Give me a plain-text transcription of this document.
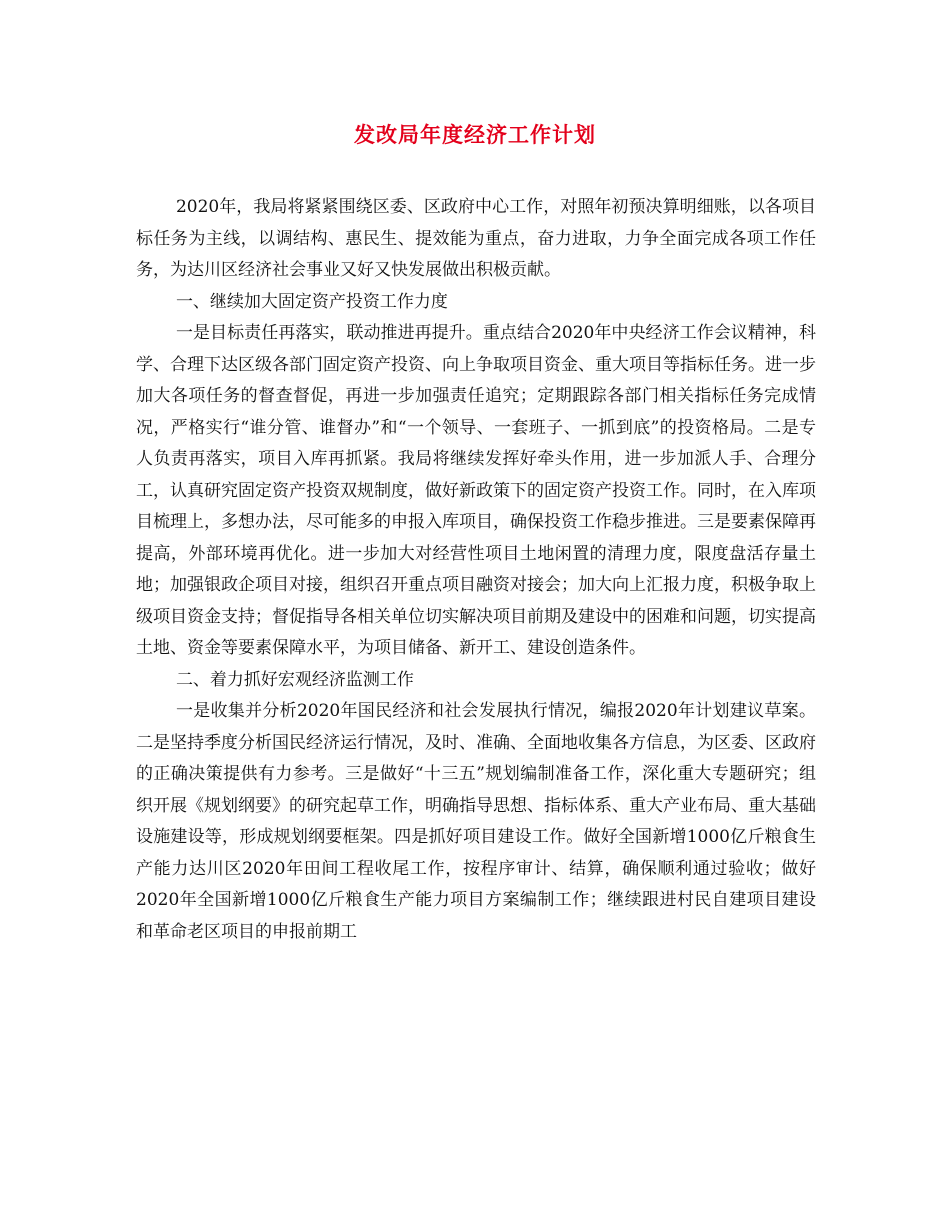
发改局年度经济工作计划

2020年，我局将紧紧围绕区委、区政府中心工作，对照年初预决算明细账，以各项目标任务为主线，以调结构、惠民生、提效能为重点，奋力进取，力争全面完成各项工作任务，为达川区经济社会事业又好又快发展做出积极贡献。

一、继续加大固定资产投资工作力度

一是目标责任再落实，联动推进再提升。重点结合2020年中央经济工作会议精神，科学、合理下达区级各部门固定资产投资、向上争取项目资金、重大项目等指标任务。进一步加大各项任务的督查督促，再进一步加强责任追究；定期跟踪各部门相关指标任务完成情况，严格实行“谁分管、谁督办”和“一个领导、一套班子、一抓到底”的投资格局。二是专人负责再落实，项目入库再抓紧。我局将继续发挥好牵头作用，进一步加派人手、合理分工，认真研究固定资产投资双规制度，做好新政策下的固定资产投资工作。同时，在入库项目梳理上，多想办法，尽可能多的申报入库项目，确保投资工作稳步推进。三是要素保障再提高，外部环境再优化。进一步加大对经营性项目土地闲置的清理力度，限度盘活存量土地；加强银政企项目对接，组织召开重点项目融资对接会；加大向上汇报力度，积极争取上级项目资金支持；督促指导各相关单位切实解决项目前期及建设中的困难和问题，切实提高土地、资金等要素保障水平，为项目储备、新开工、建设创造条件。

二、着力抓好宏观经济监测工作

一是收集并分析2020年国民经济和社会发展执行情况，编报2020年计划建议草案。二是坚持季度分析国民经济运行情况，及时、准确、全面地收集各方信息，为区委、区政府的正确决策提供有力参考。三是做好“十三五”规划编制准备工作，深化重大专题研究；组织开展《规划纲要》的研究起草工作，明确指导思想、指标体系、重大产业布局、重大基础设施建设等，形成规划纲要框架。四是抓好项目建设工作。做好全国新增1000亿斤粮食生产能力达川区2020年田间工程收尾工作，按程序审计、结算，确保顺利通过验收；做好2020年全国新增1000亿斤粮食生产能力项目方案编制工作；继续跟进村民自建项目建设和革命老区项目的申报前期工
